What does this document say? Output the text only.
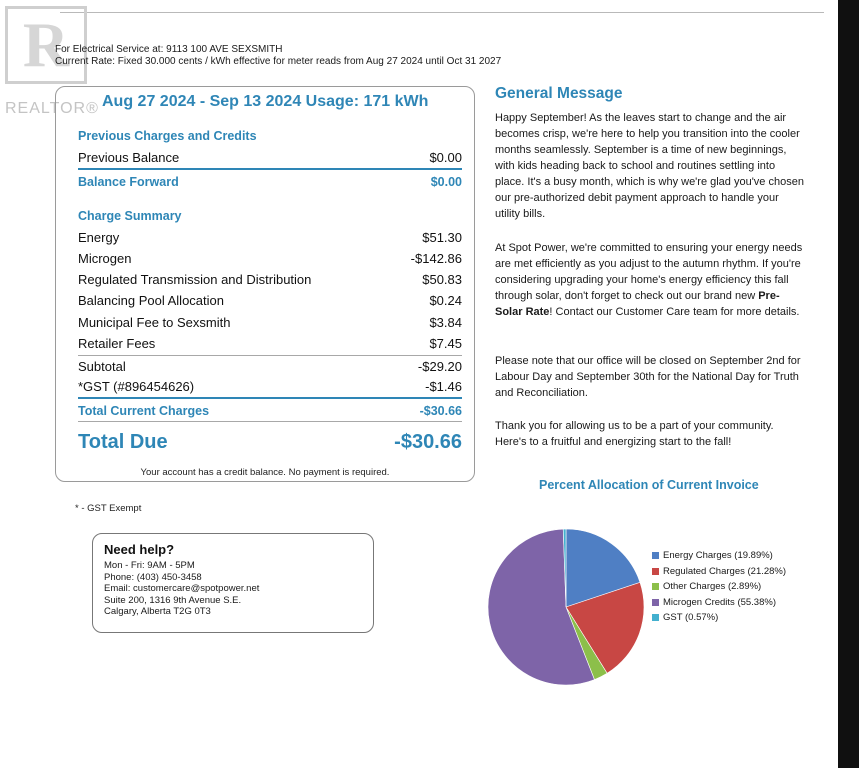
R
REALTOR®
For Electrical Service at: 9113 100 AVE SEXSMITH
Current Rate: Fixed 30.000 cents / kWh effective for meter reads from Aug 27 2024 until Oct 31 2027
Aug 27 2024 - Sep 13 2024 Usage: 171 kWh
Previous Charges and Credits
Previous Balance	$0.00
Balance Forward	$0.00
Charge Summary
Energy	$51.30
Microgen	-$142.86
Regulated Transmission and Distribution	$50.83
Balancing Pool Allocation	$0.24
Municipal Fee to Sexsmith	$3.84
Retailer Fees	$7.45
Subtotal	-$29.20
*GST (#896454626)	-$1.46
Total Current Charges	-$30.66
Total Due	-$30.66
Your account has a credit balance. No payment is required.
* - GST Exempt
Need help?
Mon - Fri: 9AM - 5PM
Phone: (403) 450-3458
Email: customercare@spotpower.net
Suite 200, 1316 9th Avenue S.E.
Calgary, Alberta T2G 0T3
General Message

Happy September! As the leaves start to change and the air becomes crisp, we're here to help you transition into the cooler months seamlessly. September is a time of new beginnings, with kids heading back to school and routines settling into place. It's a busy month, which is why we're glad you've chosen our pre-authorized debit payment approach to handle your utility bills.

At Spot Power, we're committed to ensuring your energy needs are met efficiently as you adjust to the autumn rhythm. If you're considering upgrading your home's energy efficiency this fall through solar, don't forget to check out our brand new Pre-Solar Rate! Contact our Customer Care team for more details.

Please note that our office will be closed on September 2nd for Labour Day and September 30th for the National Day for Truth and Reconciliation.

Thank you for allowing us to be a part of your community. Here's to a fruitful and energizing start to the fall!

Percent Allocation of Current Invoice
Energy Charges (19.89%)
Regulated Charges (21.28%)
Other Charges (2.89%)
Microgen Credits (55.38%)
GST (0.57%)
